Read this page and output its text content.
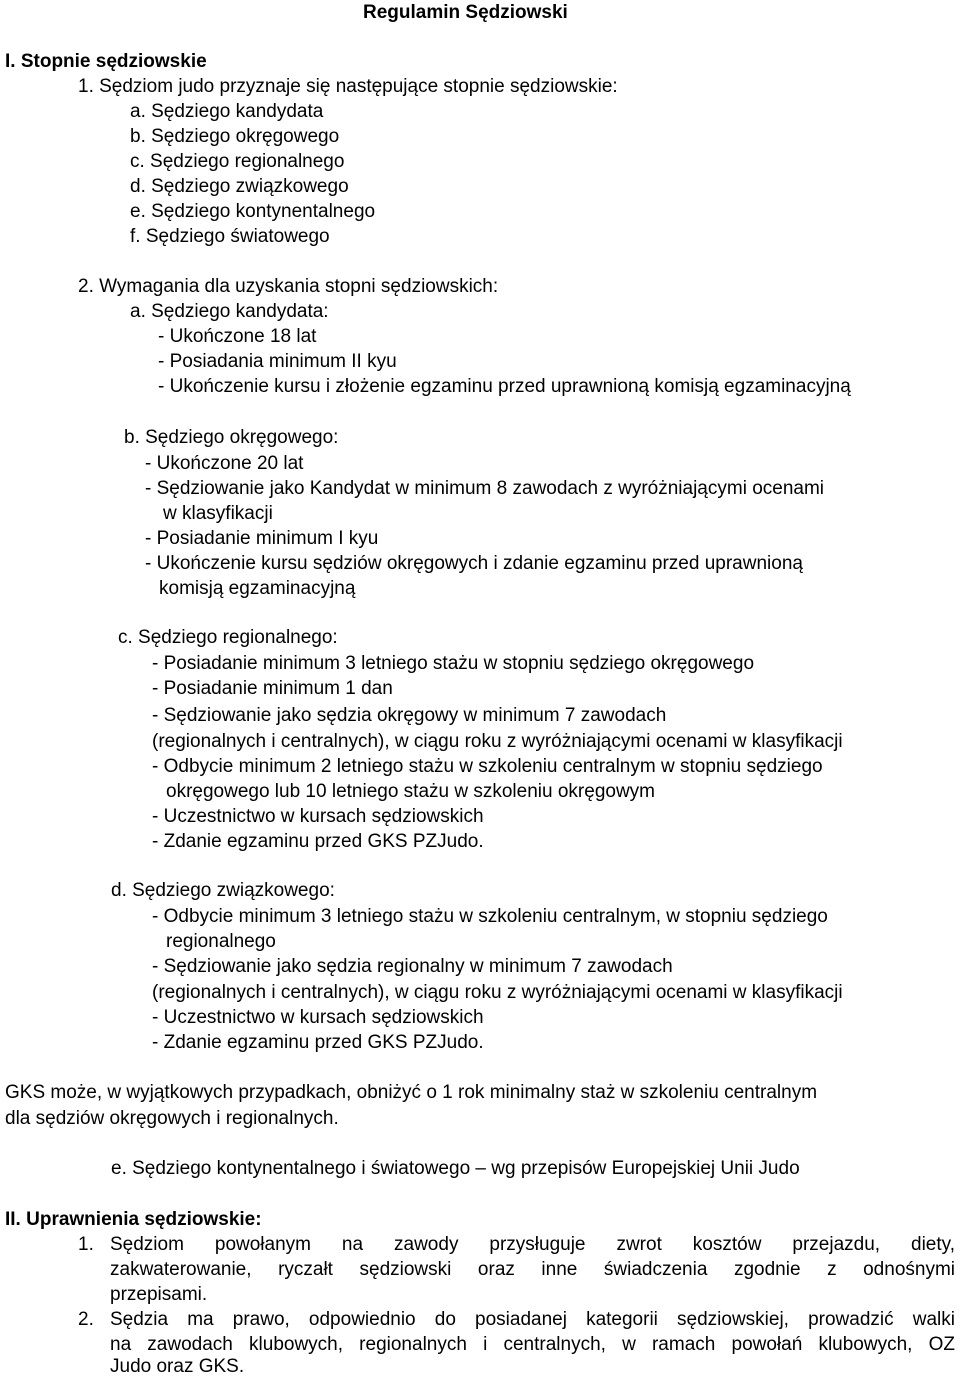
Regulamin Sędziowski
I. Stopnie sędziowskie
1. Sędziom judo przyznaje się następujące stopnie sędziowskie:
a. Sędziego kandydata
b. Sędziego okręgowego
c. Sędziego regionalnego
d. Sędziego związkowego
e. Sędziego kontynentalnego
f. Sędziego światowego
2. Wymagania dla uzyskania stopni sędziowskich:
a. Sędziego kandydata:
- Ukończone 18 lat
- Posiadania minimum II kyu
- Ukończenie kursu i złożenie egzaminu przed uprawnioną komisją egzaminacyjną
b. Sędziego okręgowego:
- Ukończone 20 lat
- Sędziowanie jako Kandydat w minimum 8 zawodach z wyróżniającymi ocenami
w klasyfikacji
- Posiadanie minimum I kyu
- Ukończenie kursu sędziów okręgowych i zdanie egzaminu przed uprawnioną
komisją egzaminacyjną
c. Sędziego regionalnego:
- Posiadanie minimum 3 letniego stażu w stopniu sędziego okręgowego
- Posiadanie minimum 1 dan
- Sędziowanie jako sędzia okręgowy w minimum 7 zawodach
(regionalnych i centralnych), w ciągu roku z wyróżniającymi ocenami w klasyfikacji
- Odbycie minimum 2 letniego stażu w szkoleniu centralnym w stopniu sędziego
okręgowego lub 10 letniego stażu w szkoleniu okręgowym
- Uczestnictwo w kursach sędziowskich
- Zdanie egzaminu przed GKS PZJudo.
d. Sędziego związkowego:
- Odbycie minimum 3 letniego stażu w szkoleniu centralnym, w stopniu sędziego
regionalnego
- Sędziowanie jako sędzia regionalny w minimum 7 zawodach
(regionalnych i centralnych), w ciągu roku z wyróżniającymi ocenami w klasyfikacji
- Uczestnictwo w kursach sędziowskich
- Zdanie egzaminu przed GKS PZJudo.
GKS może, w wyjątkowych przypadkach, obniżyć o 1 rok minimalny staż w szkoleniu centralnym
dla sędziów okręgowych i regionalnych.
e. Sędziego kontynentalnego i światowego – wg przepisów Europejskiej Unii Judo
II. Uprawnienia sędziowskie:
1. Sędziom powołanym na zawody przysługuje zwrot kosztów przejazdu, diety,
zakwaterowanie, ryczałt sędziowski oraz inne świadczenia zgodnie z odnośnymi
przepisami.
2. Sędzia ma prawo, odpowiednio do posiadanej kategorii sędziowskiej, prowadzić walki
na zawodach klubowych, regionalnych i centralnych, w ramach powołań klubowych, OZ
Judo oraz GKS.
